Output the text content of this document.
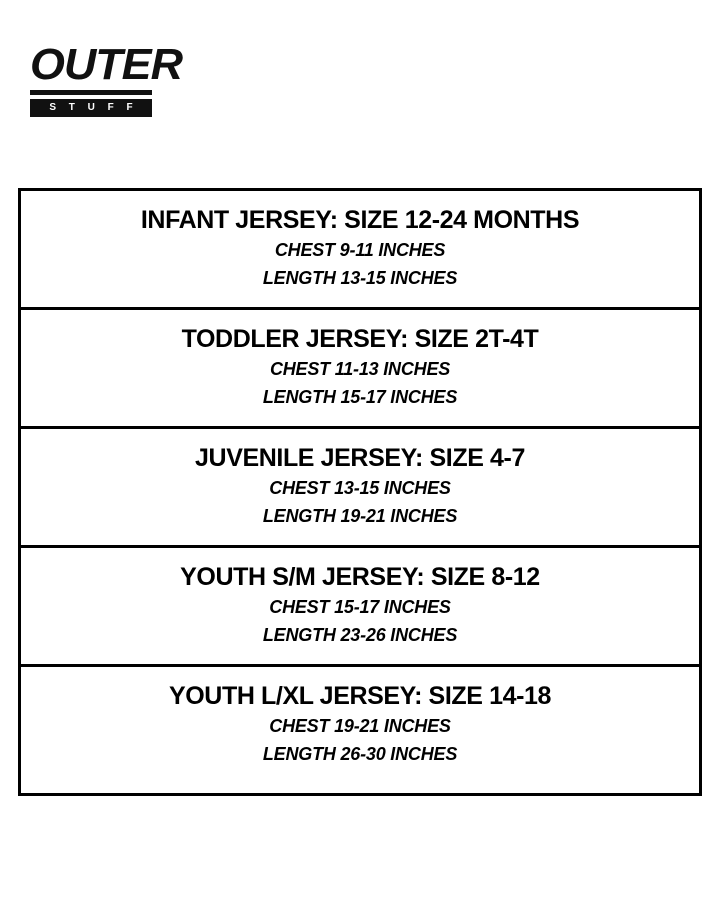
OUTER
S T U F F
INFANT JERSEY: SIZE 12-24 MONTHS
CHEST 9-11 INCHES
LENGTH 13-15 INCHES
TODDLER JERSEY: SIZE 2T-4T
CHEST 11-13 INCHES
LENGTH 15-17 INCHES
JUVENILE JERSEY: SIZE 4-7
CHEST 13-15 INCHES
LENGTH 19-21 INCHES
YOUTH S/M JERSEY: SIZE 8-12
CHEST 15-17 INCHES
LENGTH 23-26 INCHES
YOUTH L/XL JERSEY: SIZE 14-18
CHEST 19-21 INCHES
LENGTH 26-30 INCHES
